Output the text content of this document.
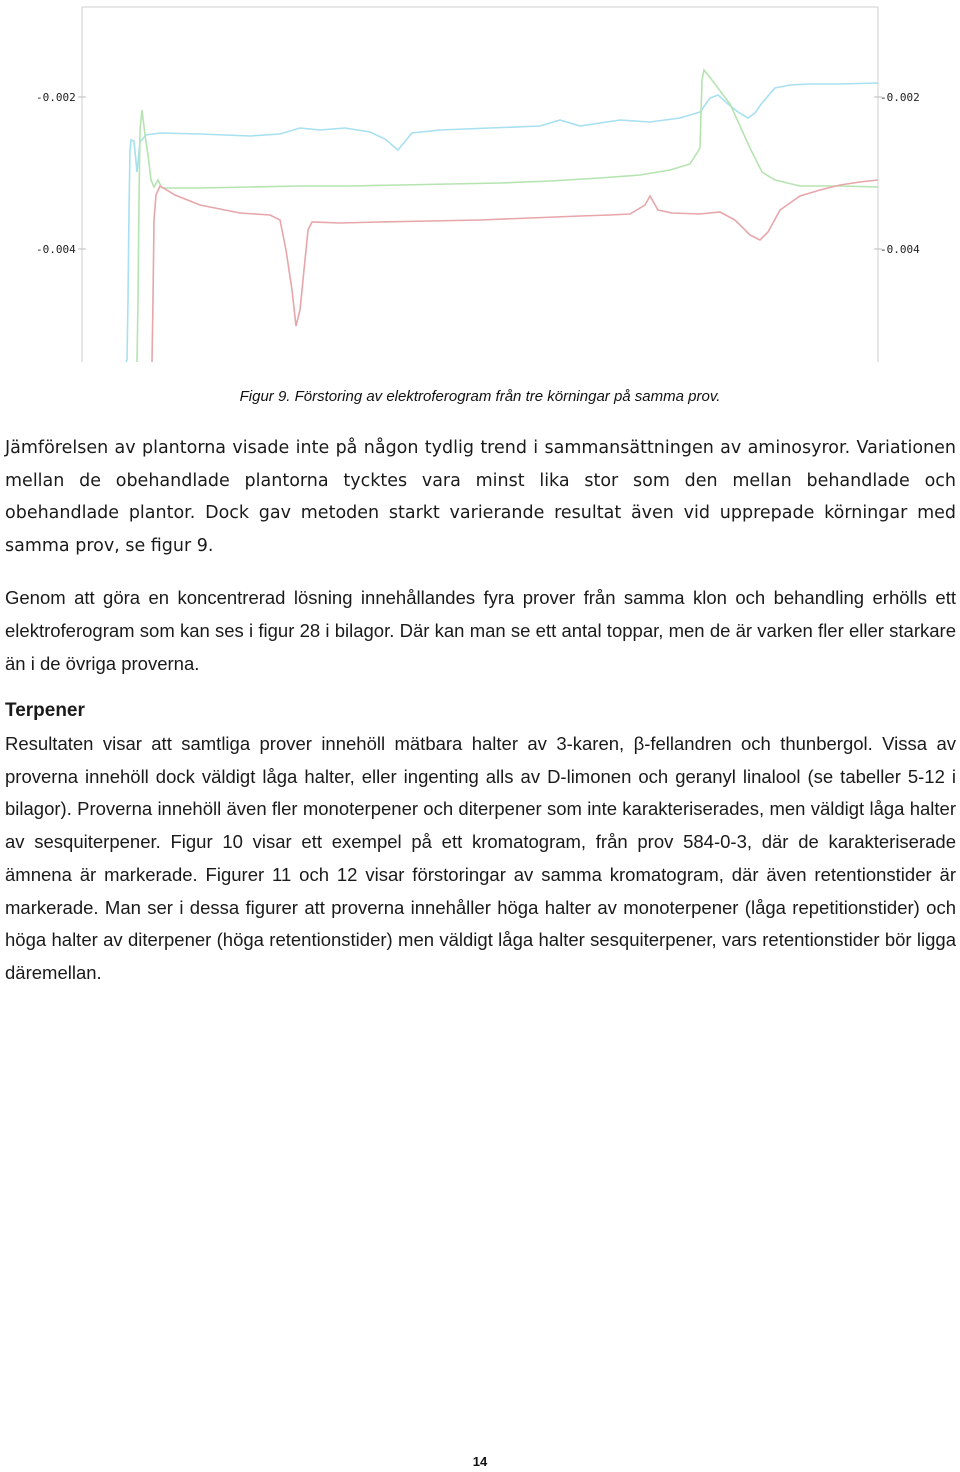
-0.002
-0.004
-0.002
-0.004
Figur 9. Förstoring av elektroferogram från tre körningar på samma prov.

Jämförelsen av plantorna visade inte på någon tydlig trend i sammansättningen av aminosyror. Variationen mellan de obehandlade plantorna tycktes vara minst lika stor som den mellan behandlade och obehandlade plantor. Dock gav metoden starkt varierande resultat även vid upprepade körningar med samma prov, se figur 9.

Genom att göra en koncentrerad lösning innehållandes fyra prover från samma klon och behandling erhölls ett elektroferogram som kan ses i figur 28 i bilagor. Där kan man se ett antal toppar, men de är varken fler eller starkare än i de övriga proverna.

Terpener

Resultaten visar att samtliga prover innehöll mätbara halter av 3-karen, β-fellandren och thunbergol. Vissa av proverna innehöll dock väldigt låga halter, eller ingenting alls av D-limonen och geranyl linalool (se tabeller 5-12 i bilagor). Proverna innehöll även fler monoterpener och diterpener som inte karakteriserades, men väldigt låga halter av sesquiterpener. Figur 10 visar ett exempel på ett kromatogram, från prov 584-0-3, där de karakteriserade ämnena är markerade. Figurer 11 och 12 visar förstoringar av samma kromatogram, där även retentionstider är markerade. Man ser i dessa figurer att proverna innehåller höga halter av monoterpener (låga repetitionstider) och höga halter av diterpener (höga retentionstider) men väldigt låga halter sesquiterpener, vars retentionstider bör ligga däremellan.

14
